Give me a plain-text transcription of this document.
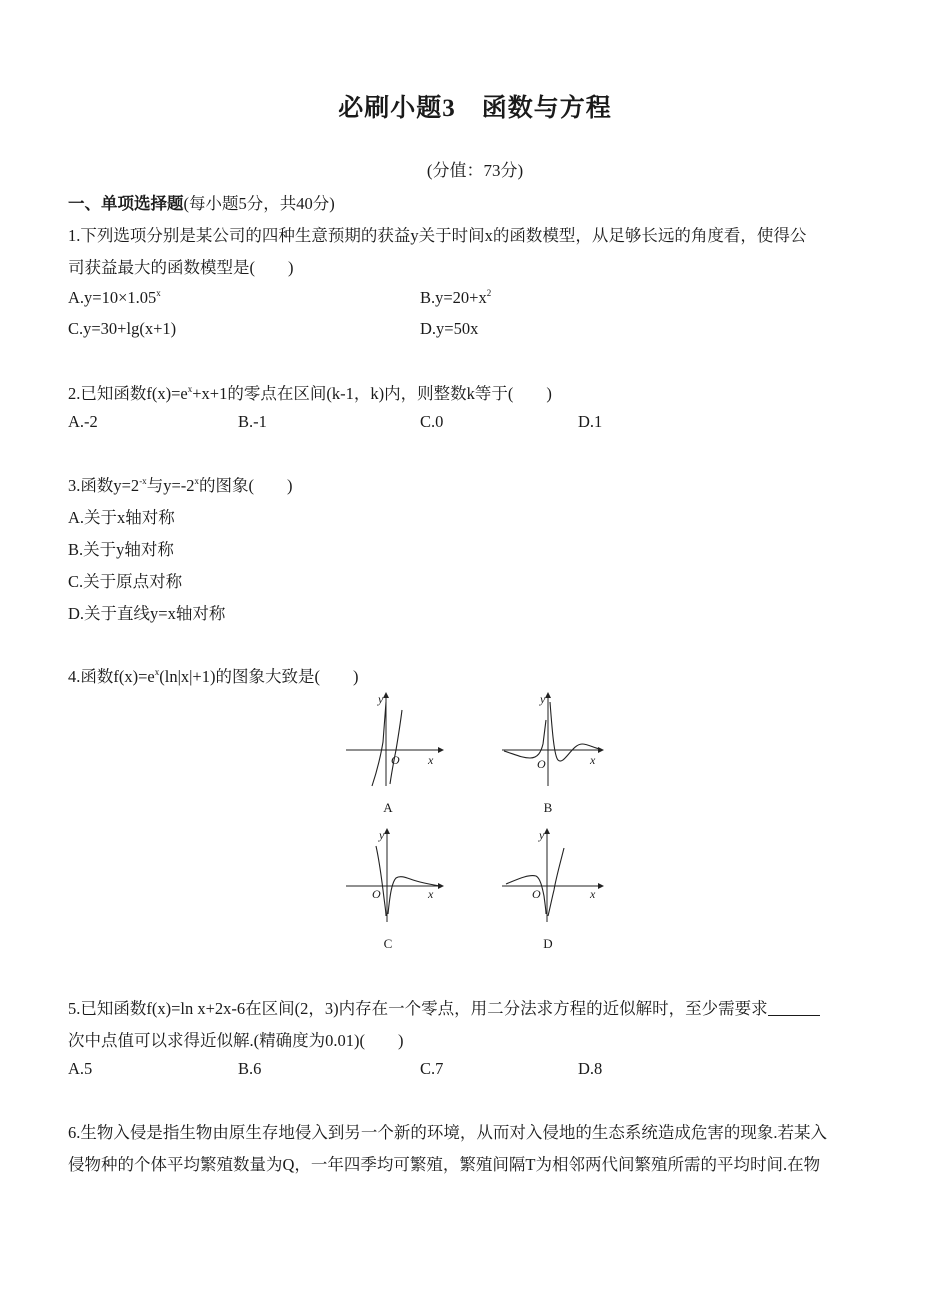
必刷小题3　函数与方程
(分值：73分)
一、单项选择题(每小题5分，共40分)
1.下列选项分别是某公司的四种生意预期的获益y关于时间x的函数模型，从足够长远的角度看，使得公
司获益最大的函数模型是(　　)
$A.y=10\times 1.05^x$	$B.y=20+x^2$
C.y=30+lg(x+1)	D.y=50x
2.已知函数$f(x)=e^x+x+1$的零点在区间(k-1，k)内，则整数k等于(　　)
A.-2	B.-1	C.0	D.1
3.函数$y=2^{-x}$与$y=-2^x$的图象(　　)
A.关于x轴对称
B.关于y轴对称
C.关于原点对称
D.关于直线y=x轴对称
4.函数$f(x)=e^x(\ln|x|+1)$的图象大致是(　　)
y
O x
A
y
O	x
B
y
O	x
C
y
O	x
D
5.已知函数f(x)=ln x+2x-6在区间(2，3)内存在一个零点，用二分法求方程的近似解时，至少需要求
次中点值可以求得近似解.(精确度为0.01)(　　)
A.5	B.6	C.7	D.8
6.生物入侵是指生物由原生存地侵入到另一个新的环境，从而对入侵地的生态系统造成危害的现象.若某入
侵物种的个体平均繁殖数量为Q，一年四季均可繁殖，繁殖间隔T为相邻两代间繁殖所需的平均时间.在物
